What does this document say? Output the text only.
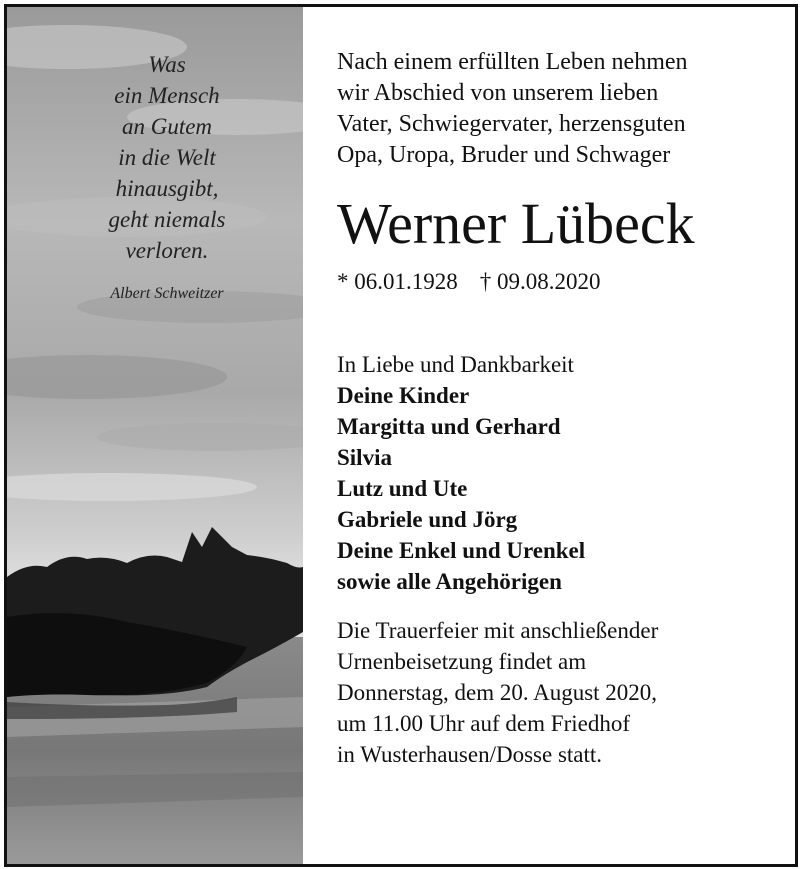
Was
ein Mensch
an Gutem
in die Welt
hinausgibt,
geht niemals
verloren.
Albert Schweitzer
Nach einem erfüllten Leben nehmen
wir Abschied von unserem lieben
Vater, Schwiegervater, herzensguten
Opa, Uropa, Bruder und Schwager
Werner Lübeck
* 06.01.1928 † 09.08.2020
In Liebe und Dankbarkeit
Deine Kinder
Margitta und Gerhard
Silvia
Lutz und Ute
Gabriele und Jörg
Deine Enkel und Urenkel
sowie alle Angehörigen
Die Trauerfeier mit anschließender
Urnenbeisetzung findet am
Donnerstag, dem 20. August 2020,
um 11.00 Uhr auf dem Friedhof
in Wusterhausen/Dosse statt.
